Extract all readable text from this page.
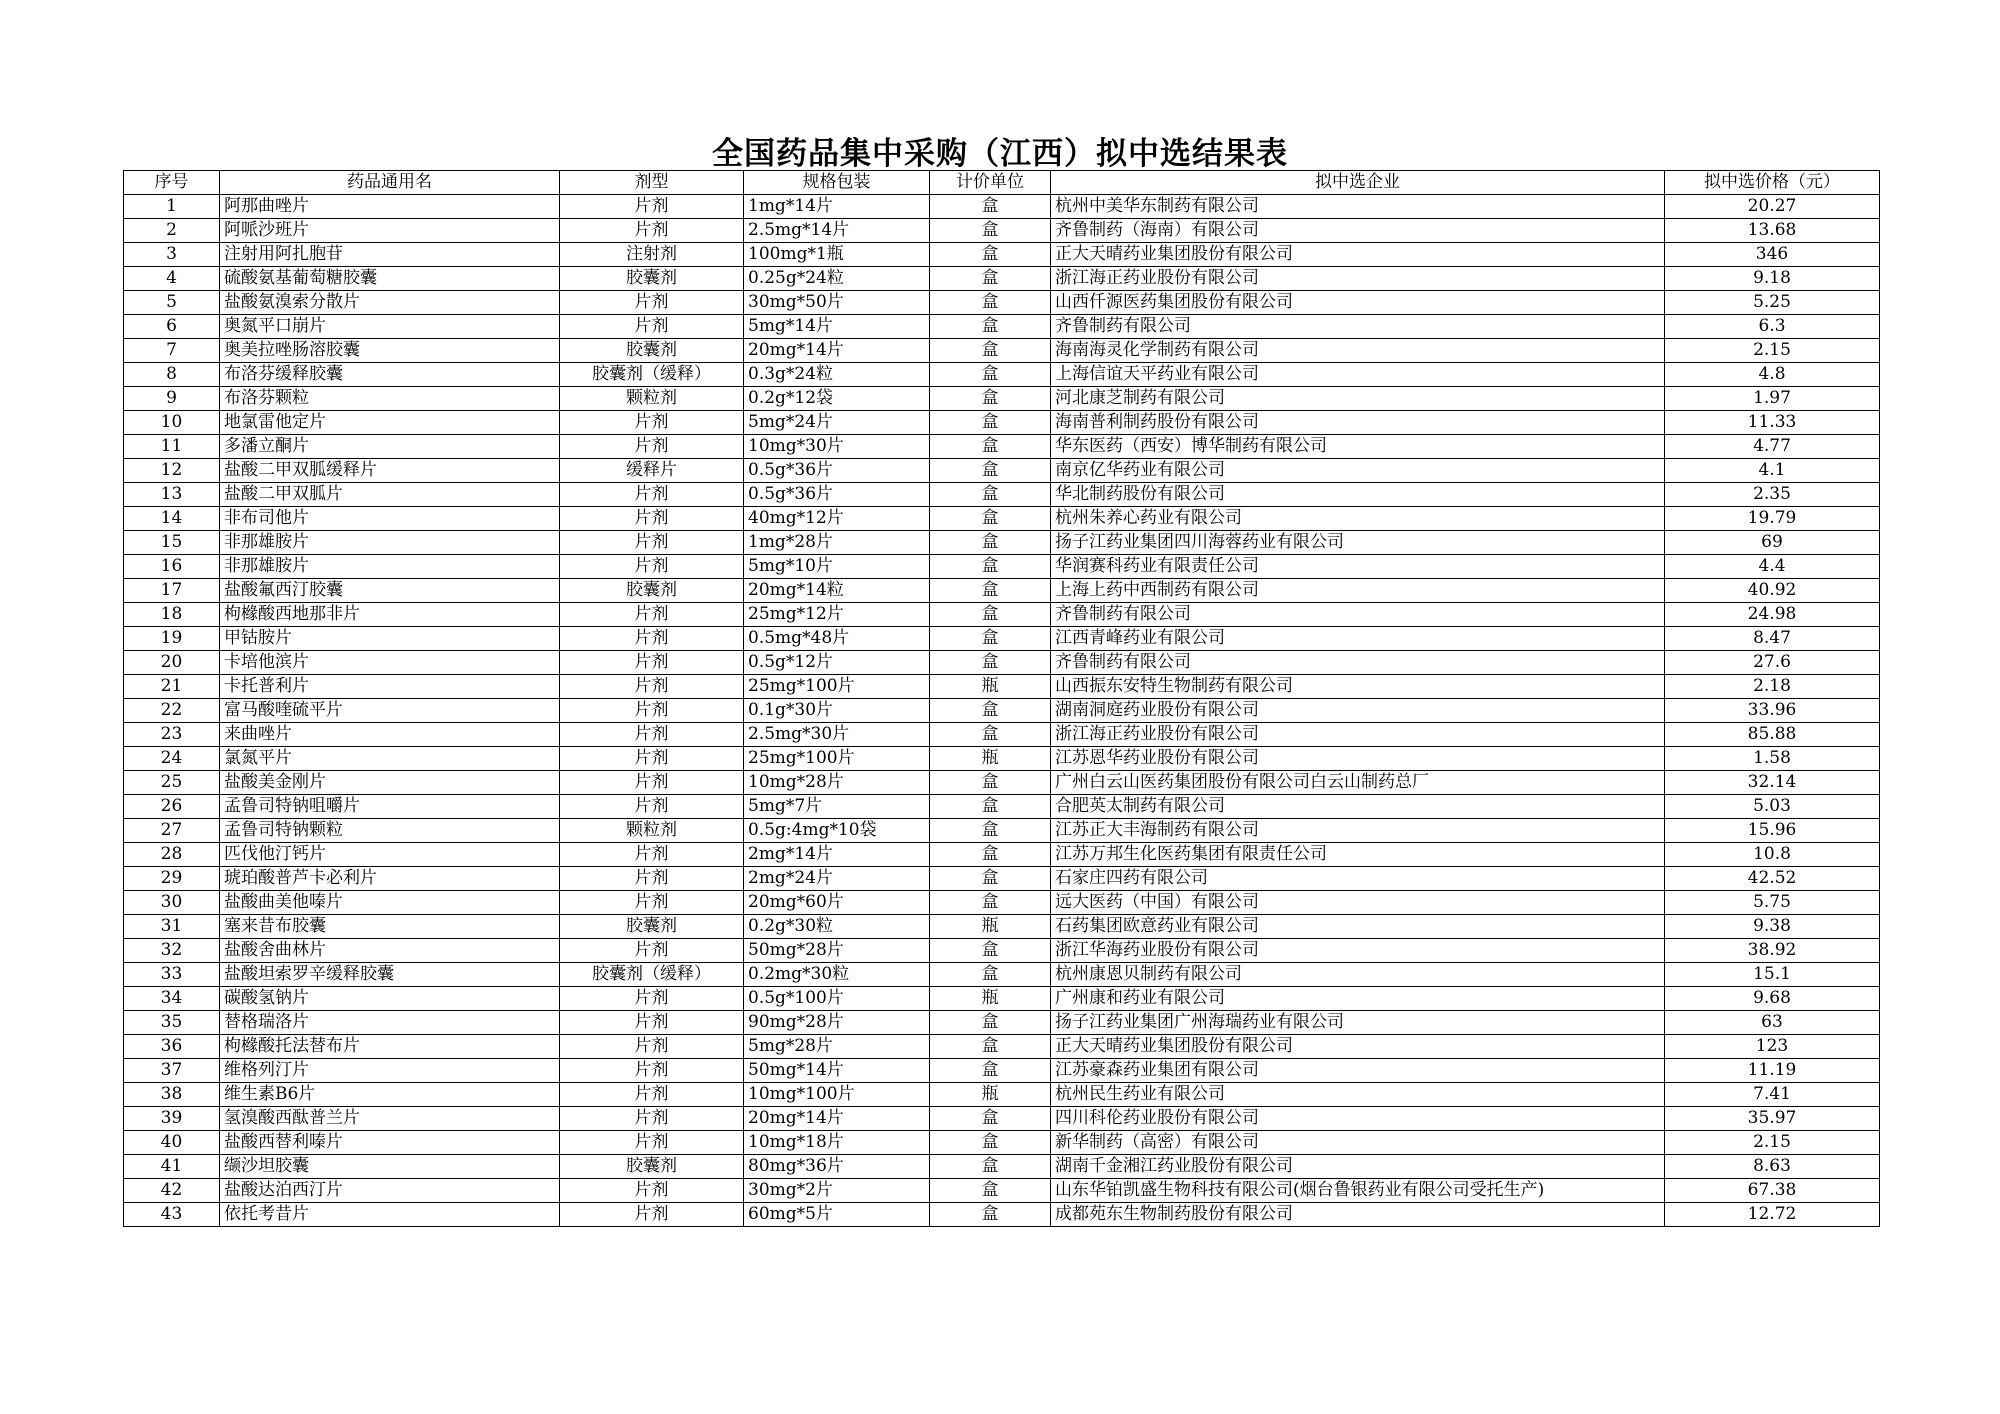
全国药品集中采购（江西）拟中选结果表
序号	药品通用名	剂型	规格包装	计价单位	拟中选企业	拟中选价格（元）
1	阿那曲唑片	片剂	1mg*14片	盒	杭州中美华东制药有限公司	20.27
2	阿哌沙班片	片剂	2.5mg*14片	盒	齐鲁制药（海南）有限公司	13.68
3	注射用阿扎胞苷	注射剂	100mg*1瓶	盒	正大天晴药业集团股份有限公司	346
4	硫酸氨基葡萄糖胶囊	胶囊剂	0.25g*24粒	盒	浙江海正药业股份有限公司	9.18
5	盐酸氨溴索分散片	片剂	30mg*50片	盒	山西仟源医药集团股份有限公司	5.25
6	奥氮平口崩片	片剂	5mg*14片	盒	齐鲁制药有限公司	6.3
7	奥美拉唑肠溶胶囊	胶囊剂	20mg*14片	盒	海南海灵化学制药有限公司	2.15
8	布洛芬缓释胶囊	胶囊剂（缓释）	0.3g*24粒	盒	上海信谊天平药业有限公司	4.8
9	布洛芬颗粒	颗粒剂	0.2g*12袋	盒	河北康芝制药有限公司	1.97
10	地氯雷他定片	片剂	5mg*24片	盒	海南普利制药股份有限公司	11.33
11	多潘立酮片	片剂	10mg*30片	盒	华东医药（西安）博华制药有限公司	4.77
12	盐酸二甲双胍缓释片	缓释片	0.5g*36片	盒	南京亿华药业有限公司	4.1
13	盐酸二甲双胍片	片剂	0.5g*36片	盒	华北制药股份有限公司	2.35
14	非布司他片	片剂	40mg*12片	盒	杭州朱养心药业有限公司	19.79
15	非那雄胺片	片剂	1mg*28片	盒	扬子江药业集团四川海蓉药业有限公司	69
16	非那雄胺片	片剂	5mg*10片	盒	华润赛科药业有限责任公司	4.4
17	盐酸氟西汀胶囊	胶囊剂	20mg*14粒	盒	上海上药中西制药有限公司	40.92
18	枸橼酸西地那非片	片剂	25mg*12片	盒	齐鲁制药有限公司	24.98
19	甲钴胺片	片剂	0.5mg*48片	盒	江西青峰药业有限公司	8.47
20	卡培他滨片	片剂	0.5g*12片	盒	齐鲁制药有限公司	27.6
21	卡托普利片	片剂	25mg*100片	瓶	山西振东安特生物制药有限公司	2.18
22	富马酸喹硫平片	片剂	0.1g*30片	盒	湖南洞庭药业股份有限公司	33.96
23	来曲唑片	片剂	2.5mg*30片	盒	浙江海正药业股份有限公司	85.88
24	氯氮平片	片剂	25mg*100片	瓶	江苏恩华药业股份有限公司	1.58
25	盐酸美金刚片	片剂	10mg*28片	盒	广州白云山医药集团股份有限公司白云山制药总厂	32.14
26	孟鲁司特钠咀嚼片	片剂	5mg*7片	盒	合肥英太制药有限公司	5.03
27	孟鲁司特钠颗粒	颗粒剂	0.5g:4mg*10袋	盒	江苏正大丰海制药有限公司	15.96
28	匹伐他汀钙片	片剂	2mg*14片	盒	江苏万邦生化医药集团有限责任公司	10.8
29	琥珀酸普芦卡必利片	片剂	2mg*24片	盒	石家庄四药有限公司	42.52
30	盐酸曲美他嗪片	片剂	20mg*60片	盒	远大医药（中国）有限公司	5.75
31	塞来昔布胶囊	胶囊剂	0.2g*30粒	瓶	石药集团欧意药业有限公司	9.38
32	盐酸舍曲林片	片剂	50mg*28片	盒	浙江华海药业股份有限公司	38.92
33	盐酸坦索罗辛缓释胶囊	胶囊剂（缓释）	0.2mg*30粒	盒	杭州康恩贝制药有限公司	15.1
34	碳酸氢钠片	片剂	0.5g*100片	瓶	广州康和药业有限公司	9.68
35	替格瑞洛片	片剂	90mg*28片	盒	扬子江药业集团广州海瑞药业有限公司	63
36	枸橼酸托法替布片	片剂	5mg*28片	盒	正大天晴药业集团股份有限公司	123
37	维格列汀片	片剂	50mg*14片	盒	江苏豪森药业集团有限公司	11.19
38	维生素B6片	片剂	10mg*100片	瓶	杭州民生药业有限公司	7.41
39	氢溴酸西酞普兰片	片剂	20mg*14片	盒	四川科伦药业股份有限公司	35.97
40	盐酸西替利嗪片	片剂	10mg*18片	盒	新华制药（高密）有限公司	2.15
41	缬沙坦胶囊	胶囊剂	80mg*36片	盒	湖南千金湘江药业股份有限公司	8.63
42	盐酸达泊西汀片	片剂	30mg*2片	盒	山东华铂凯盛生物科技有限公司(烟台鲁银药业有限公司受托生产)	67.38
43	依托考昔片	片剂	60mg*5片	盒	成都苑东生物制药股份有限公司	12.72
